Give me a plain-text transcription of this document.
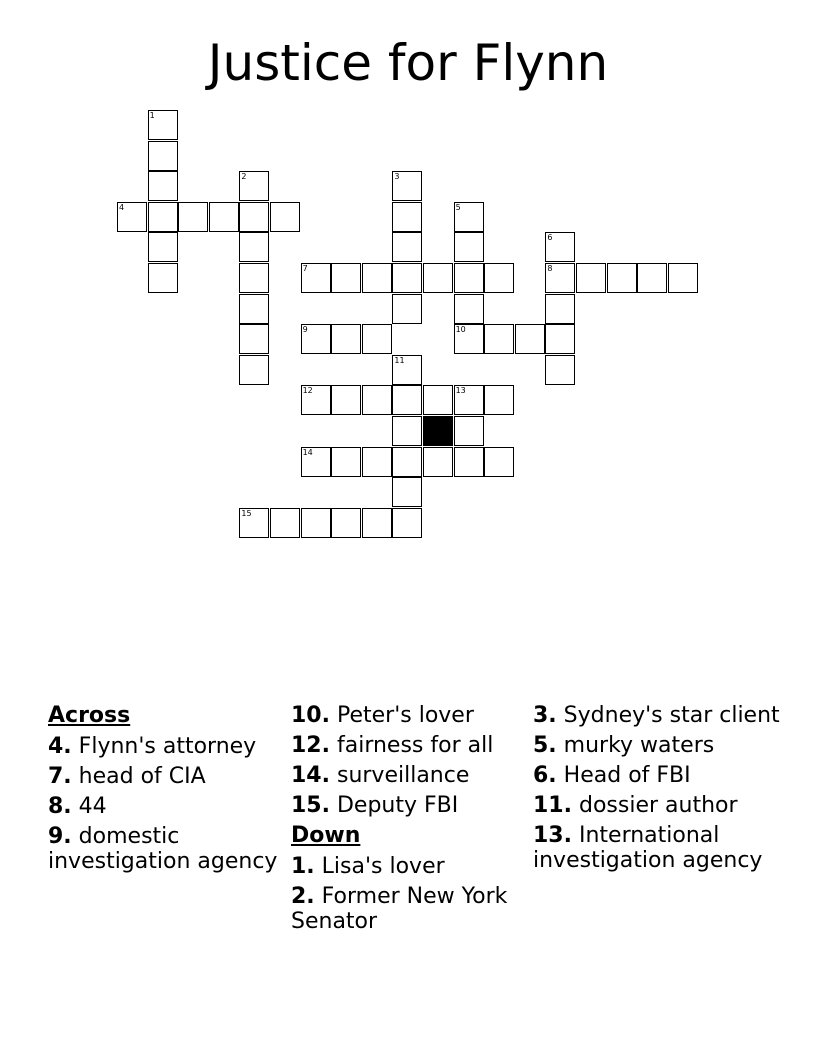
Justice for Flynn
4
7	8
9	10
12	13
14
15
1
2	3
5
6
11
Across
4. Flynn's attorney
7. head of CIA
8. 44
9. domestic investigation agency
10. Peter's lover
12. fairness for all
14. surveillance
15. Deputy FBI
Down
1. Lisa's lover
2. Former New York Senator
3. Sydney's star client
5. murky waters
6. Head of FBI
11. dossier author
13. International investigation agency
